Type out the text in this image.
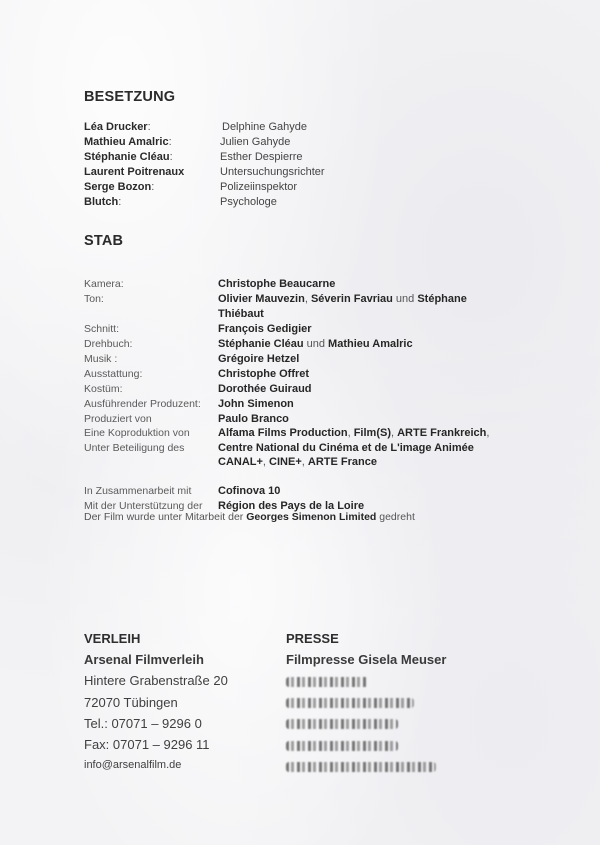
BESETZUNG
Léa Drucker:	Delphine Gahyde
Mathieu Amalric:	Julien Gahyde
Stéphanie Cléau:	Esther Despierre
Laurent Poitrenaux	Untersuchungsrichter
Serge Bozon:	Polizeiinspektor
Blutch:	Psychologe
STAB
Kamera:	Christophe Beaucarne
Ton:	Olivier Mauvezin, Séverin Favriau und Stéphane
Thiébaut
Schnitt:	François Gedigier
Drehbuch:	Stéphanie Cléau und Mathieu Amalric
Musik :	Grégoire Hetzel
Ausstattung:	Christophe Offret
Kostüm:	Dorothée Guiraud
Ausführender Produzent: John Simenon
Produziert von	Paulo Branco
Eine Koproduktion von	Alfama Films Production, Film(S), ARTE Frankreich,
Unter Beteiligung des	Centre National du Cinéma et de L'image Animée
CANAL+, CINE+, ARTE France
In Zusammenarbeit mit Cofinova 10
Mit der Unterstützung der Région des Pays de la Loire
Der Film wurde unter Mitarbeit der Georges Simenon Limited gedreht
VERLEIH
Arsenal Filmverleih
Hintere Grabenstraße 20
72070 Tübingen
Tel.: 07071 – 9296 0
Fax: 07071 – 9296 11
info@arsenalfilm.de
PRESSE
Filmpresse Gisela Meuser
